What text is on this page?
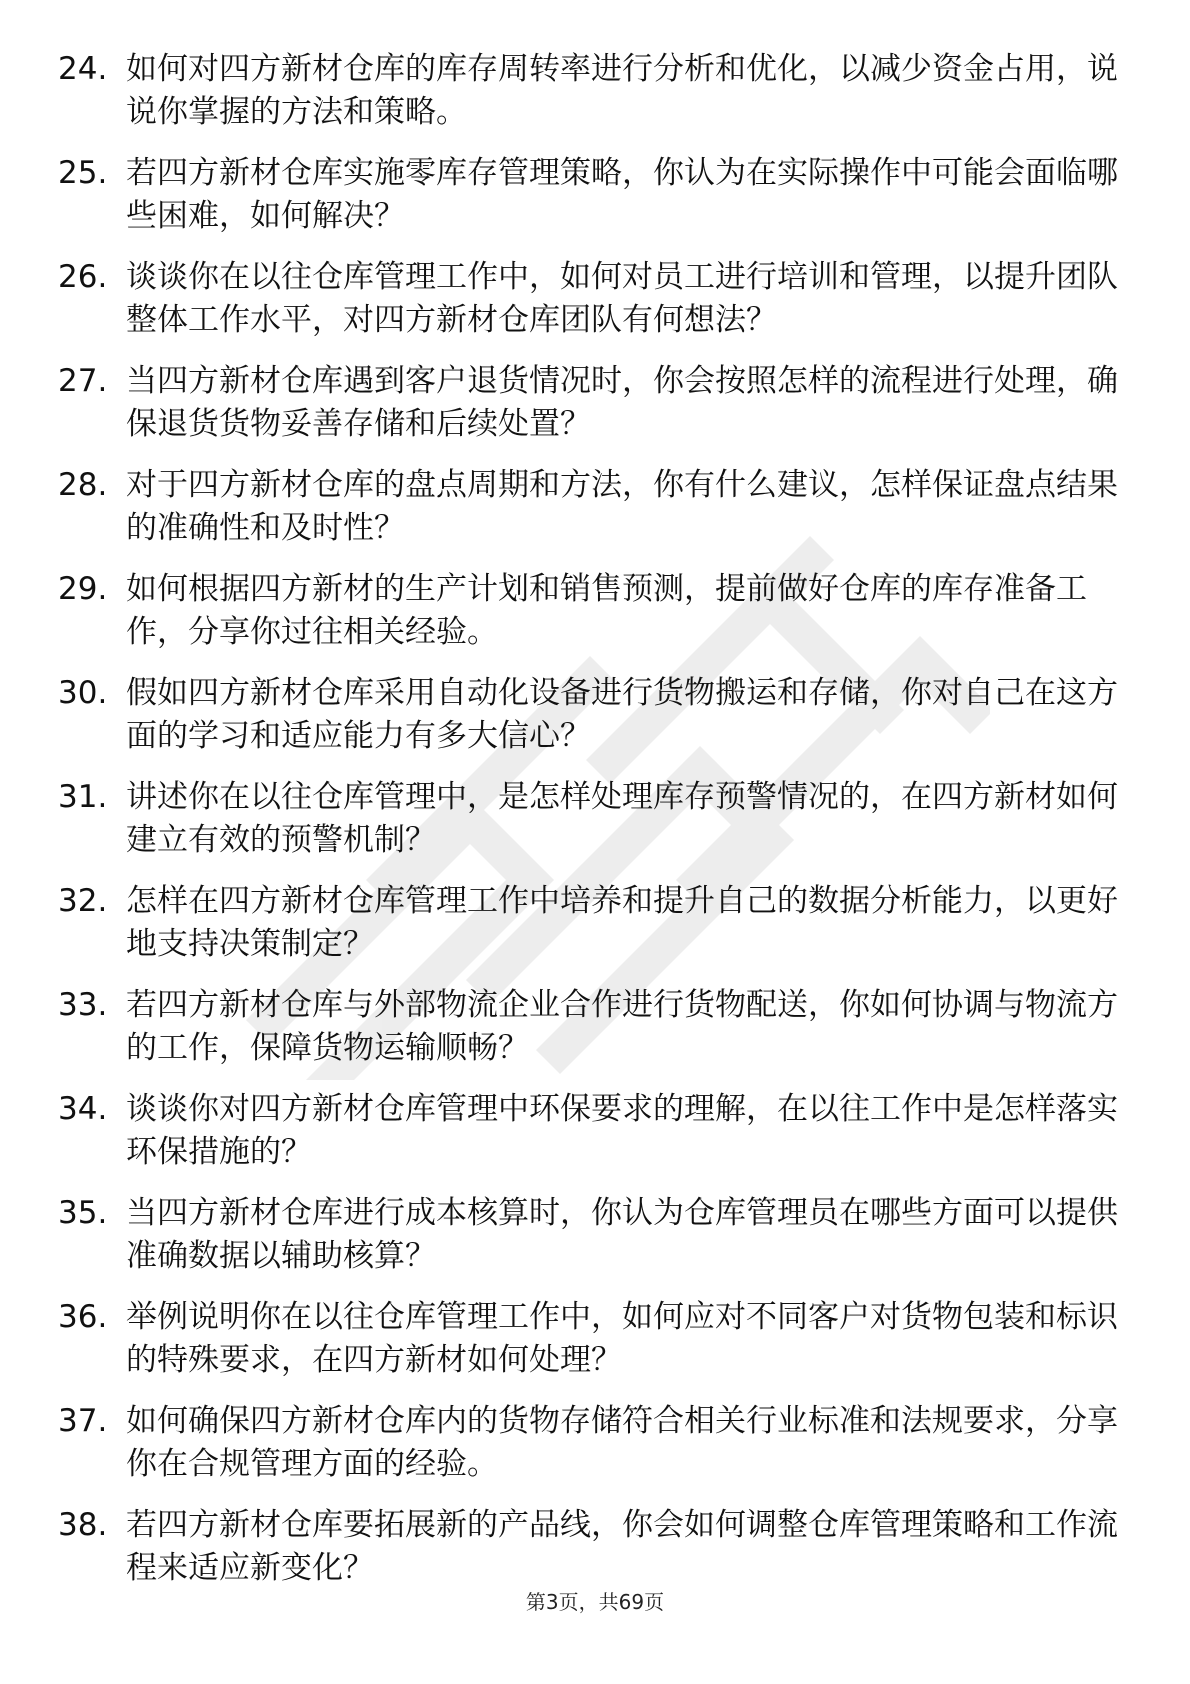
24. 如何对四方新材仓库的库存周转率进行分析和优化，以减少资金占用，说说你掌握的方法和策略。
25. 若四方新材仓库实施零库存管理策略，你认为在实际操作中可能会面临哪些困难，如何解决？
26. 谈谈你在以往仓库管理工作中，如何对员工进行培训和管理，以提升团队整体工作水平，对四方新材仓库团队有何想法？
27. 当四方新材仓库遇到客户退货情况时，你会按照怎样的流程进行处理，确保退货货物妥善存储和后续处置？
28. 对于四方新材仓库的盘点周期和方法，你有什么建议，怎样保证盘点结果的准确性和及时性？
29. 如何根据四方新材的生产计划和销售预测，提前做好仓库的库存准备工作，分享你过往相关经验。
30. 假如四方新材仓库采用自动化设备进行货物搬运和存储，你对自己在这方面的学习和适应能力有多大信心？
31. 讲述你在以往仓库管理中，是怎样处理库存预警情况的，在四方新材如何建立有效的预警机制？
32. 怎样在四方新材仓库管理工作中培养和提升自己的数据分析能力，以更好地支持决策制定？
33. 若四方新材仓库与外部物流企业合作进行货物配送，你如何协调与物流方的工作，保障货物运输顺畅？
34. 谈谈你对四方新材仓库管理中环保要求的理解，在以往工作中是怎样落实环保措施的？
35. 当四方新材仓库进行成本核算时，你认为仓库管理员在哪些方面可以提供准确数据以辅助核算？
36. 举例说明你在以往仓库管理工作中，如何应对不同客户对货物包装和标识的特殊要求，在四方新材如何处理？
37. 如何确保四方新材仓库内的货物存储符合相关行业标准和法规要求，分享你在合规管理方面的经验。
38. 若四方新材仓库要拓展新的产品线，你会如何调整仓库管理策略和工作流程来适应新变化？
第3页，共69页
